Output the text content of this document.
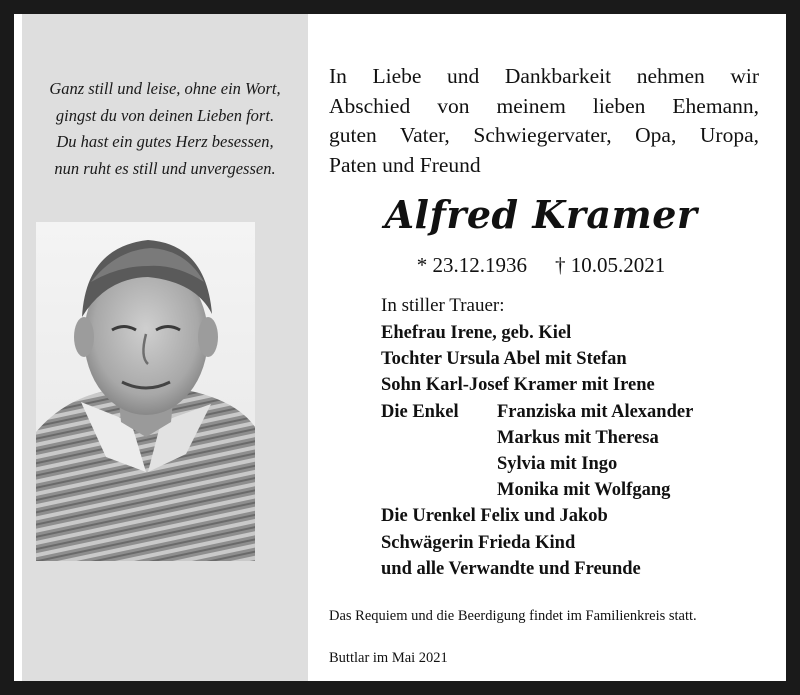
Ganz still und leise, ohne ein Wort,
gingst du von deinen Lieben fort.
Du hast ein gutes Herz besessen,
nun ruht es still und unvergessen.
In Liebe und Dankbarkeit nehmen wir
Abschied von meinem lieben Ehemann,
guten Vater, Schwiegervater, Opa, Uropa,
Paten und Freund
Alfred Kramer
* 23.12.1936 † 10.05.2021
In stiller Trauer:
Ehefrau Irene, geb. Kiel
Tochter Ursula Abel mit Stefan
Sohn Karl-Josef Kramer mit Irene
Die Enkel Franziska mit Alexander
Markus mit Theresa
Sylvia mit Ingo
Monika mit Wolfgang
Die Urenkel Felix und Jakob
Schwägerin Frieda Kind
und alle Verwandte und Freunde
Das Requiem und die Beerdigung findet im Familienkreis statt.
Buttlar im Mai 2021
